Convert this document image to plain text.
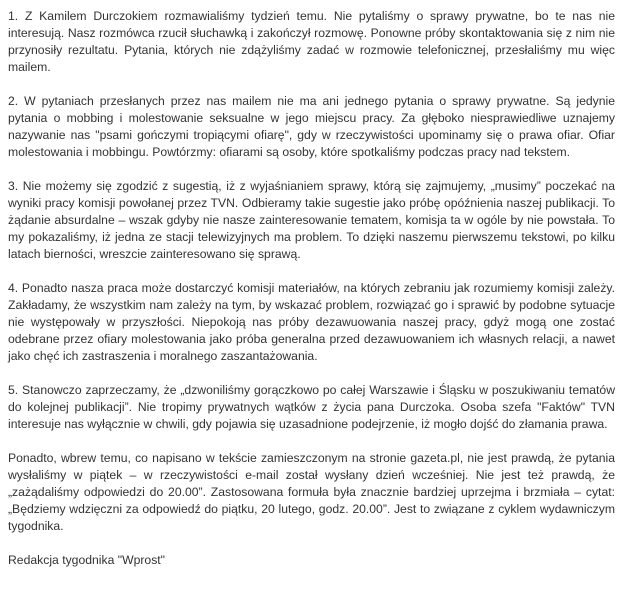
1. Z Kamilem Durczokiem rozmawialiśmy tydzień temu. Nie pytaliśmy o sprawy prywatne, bo te nas nie interesują. Nasz rozmówca rzucił słuchawką i zakończył rozmowę. Ponowne próby skontaktowania się z nim nie przynosiły rezultatu. Pytania, których nie zdążyliśmy zadać w rozmowie telefonicznej, przesłaliśmy mu więc mailem.

2. W pytaniach przesłanych przez nas mailem nie ma ani jednego pytania o sprawy prywatne. Są jedynie pytania o mobbing i molestowanie seksualne w jego miejscu pracy. Za głęboko niesprawiedliwe uznajemy nazywanie nas "psami gończymi tropiącymi ofiarę", gdy w rzeczywistości upominamy się o prawa ofiar. Ofiar molestowania i mobbingu. Powtórzmy: ofiarami są osoby, które spotkaliśmy podczas pracy nad tekstem.

3. Nie możemy się zgodzić z sugestią, iż z wyjaśnianiem sprawy, którą się zajmujemy, „musimy” poczekać na wyniki pracy komisji powołanej przez TVN. Odbieramy takie sugestie jako próbę opóźnienia naszej publikacji. To żądanie absurdalne – wszak gdyby nie nasze zainteresowanie tematem, komisja ta w ogóle by nie powstała. To my pokazaliśmy, iż jedna ze stacji telewizyjnych ma problem. To dzięki naszemu pierwszemu tekstowi, po kilku latach bierności, wreszcie zainteresowano się sprawą.

4. Ponadto nasza praca może dostarczyć komisji materiałów, na których zebraniu jak rozumiemy komisji zależy. Zakładamy, że wszystkim nam zależy na tym, by wskazać problem, rozwiązać go i sprawić by podobne sytuacje nie występowały w przyszłości. Niepokoją nas próby dezawuowania naszej pracy, gdyż mogą one zostać odebrane przez ofiary molestowania jako próba generalna przed dezawuowaniem ich własnych relacji, a nawet jako chęć ich zastraszenia i moralnego zaszantażowania.

5. Stanowczo zaprzeczamy, że „dzwoniliśmy gorączkowo po całej Warszawie i Śląsku w poszukiwaniu tematów do kolejnej publikacji”. Nie tropimy prywatnych wątków z życia pana Durczoka. Osoba szefa "Faktów" TVN interesuje nas wyłącznie w chwili, gdy pojawia się uzasadnione podejrzenie, iż mogło dojść do złamania prawa.

Ponadto, wbrew temu, co napisano w tekście zamieszczonym na stronie gazeta.pl, nie jest prawdą, że pytania wysłaliśmy w piątek – w rzeczywistości e-mail został wysłany dzień wcześniej. Nie jest też prawdą, że „zażądaliśmy odpowiedzi do 20.00”. Zastosowana formuła była znacznie bardziej uprzejma i brzmiała – cytat: „Będziemy wdzięczni za odpowiedź do piątku, 20 lutego, godz. 20.00”. Jest to związane z cyklem wydawniczym tygodnika.

Redakcja tygodnika "Wprost"
